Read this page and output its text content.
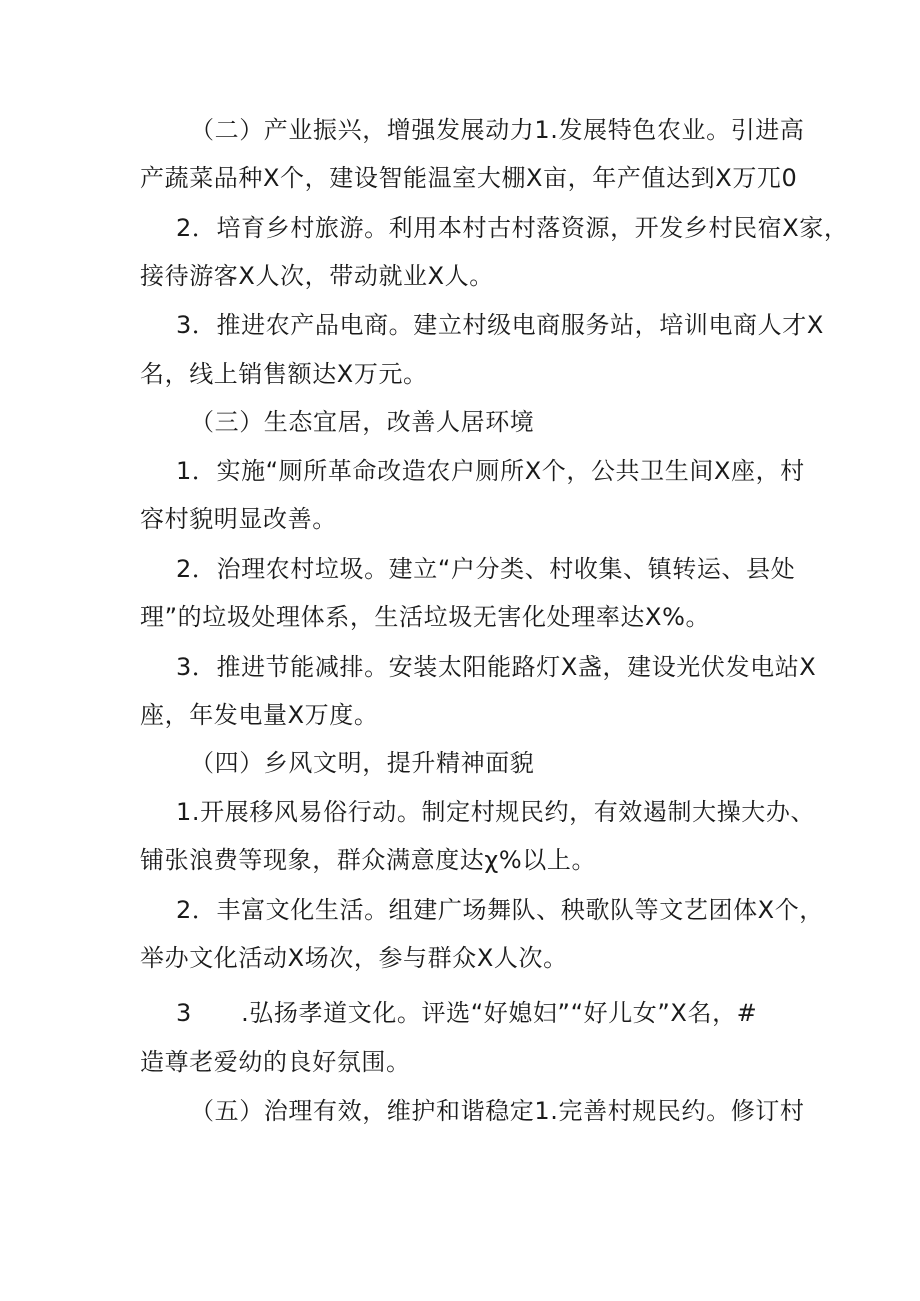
（二）产业振兴，增强发展动力1.发展特色农业。引进高
产蔬菜品种X个，建设智能温室大棚X亩，年产值达到X万兀0
2．培育乡村旅游。利用本村古村落资源，开发乡村民宿X家，
接待游客X人次，带动就业X人。
3．推进农产品电商。建立村级电商服务站，培训电商人才X
名，线上销售额达X万元。
（三）生态宜居，改善人居环境
1．实施“厕所革命改造农户厕所X个，公共卫生间X座，村
容村貌明显改善。
2．治理农村垃圾。建立“户分类、村收集、镇转运、县处
理”的垃圾处理体系，生活垃圾无害化处理率达X%。
3．推进节能减排。安装太阳能路灯X盏，建设光伏发电站X
座，年发电量X万度。
（四）乡风文明，提升精神面貌
1.开展移风易俗行动。制定村规民约，有效遏制大操大办、
铺张浪费等现象，群众满意度达χ%以上。
2．丰富文化生活。组建广场舞队、秧歌队等文艺团体X个，
举办文化活动X场次，参与群众X人次。
3　　.弘扬孝道文化。评选“好媳妇”“好儿女”X名，#
造尊老爱幼的良好氛围。
（五）治理有效，维护和谐稳定1.完善村规民约。修订村
